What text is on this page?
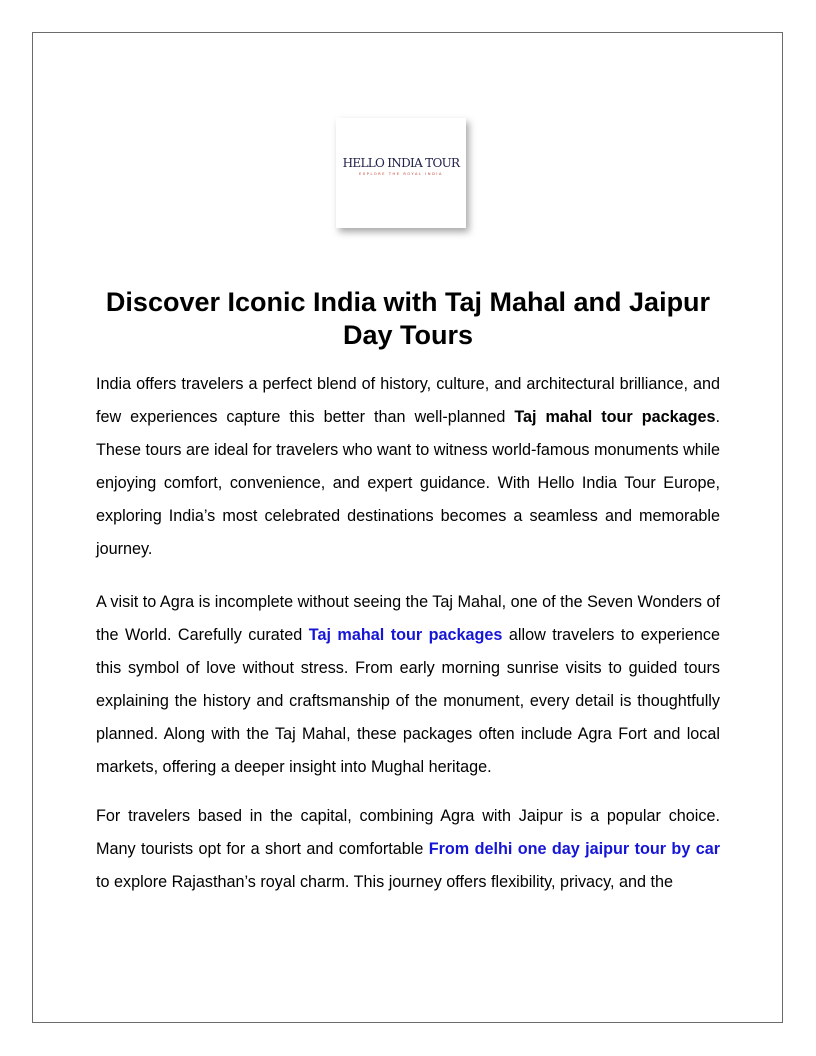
HELLO INDIA TOUR
EXPLORE THE ROYAL INDIA
Discover Iconic India with Taj Mahal and Jaipur Day Tours

India offers travelers a perfect blend of history, culture, and architectural brilliance, and few experiences capture this better than well-planned Taj mahal tour packages. These tours are ideal for travelers who want to witness world-famous monuments while enjoying comfort, convenience, and expert guidance. With Hello India Tour Europe, exploring India’s most celebrated destinations becomes a seamless and memorable journey.

A visit to Agra is incomplete without seeing the Taj Mahal, one of the Seven Wonders of the World. Carefully curated Taj mahal tour packages allow travelers to experience this symbol of love without stress. From early morning sunrise visits to guided tours explaining the history and craftsmanship of the monument, every detail is thoughtfully planned. Along with the Taj Mahal, these packages often include Agra Fort and local markets, offering a deeper insight into Mughal heritage.

For travelers based in the capital, combining Agra with Jaipur is a popular choice. Many tourists opt for a short and comfortable From delhi one day jaipur tour by car to explore Rajasthan’s royal charm. This journey offers flexibility, privacy, and the
